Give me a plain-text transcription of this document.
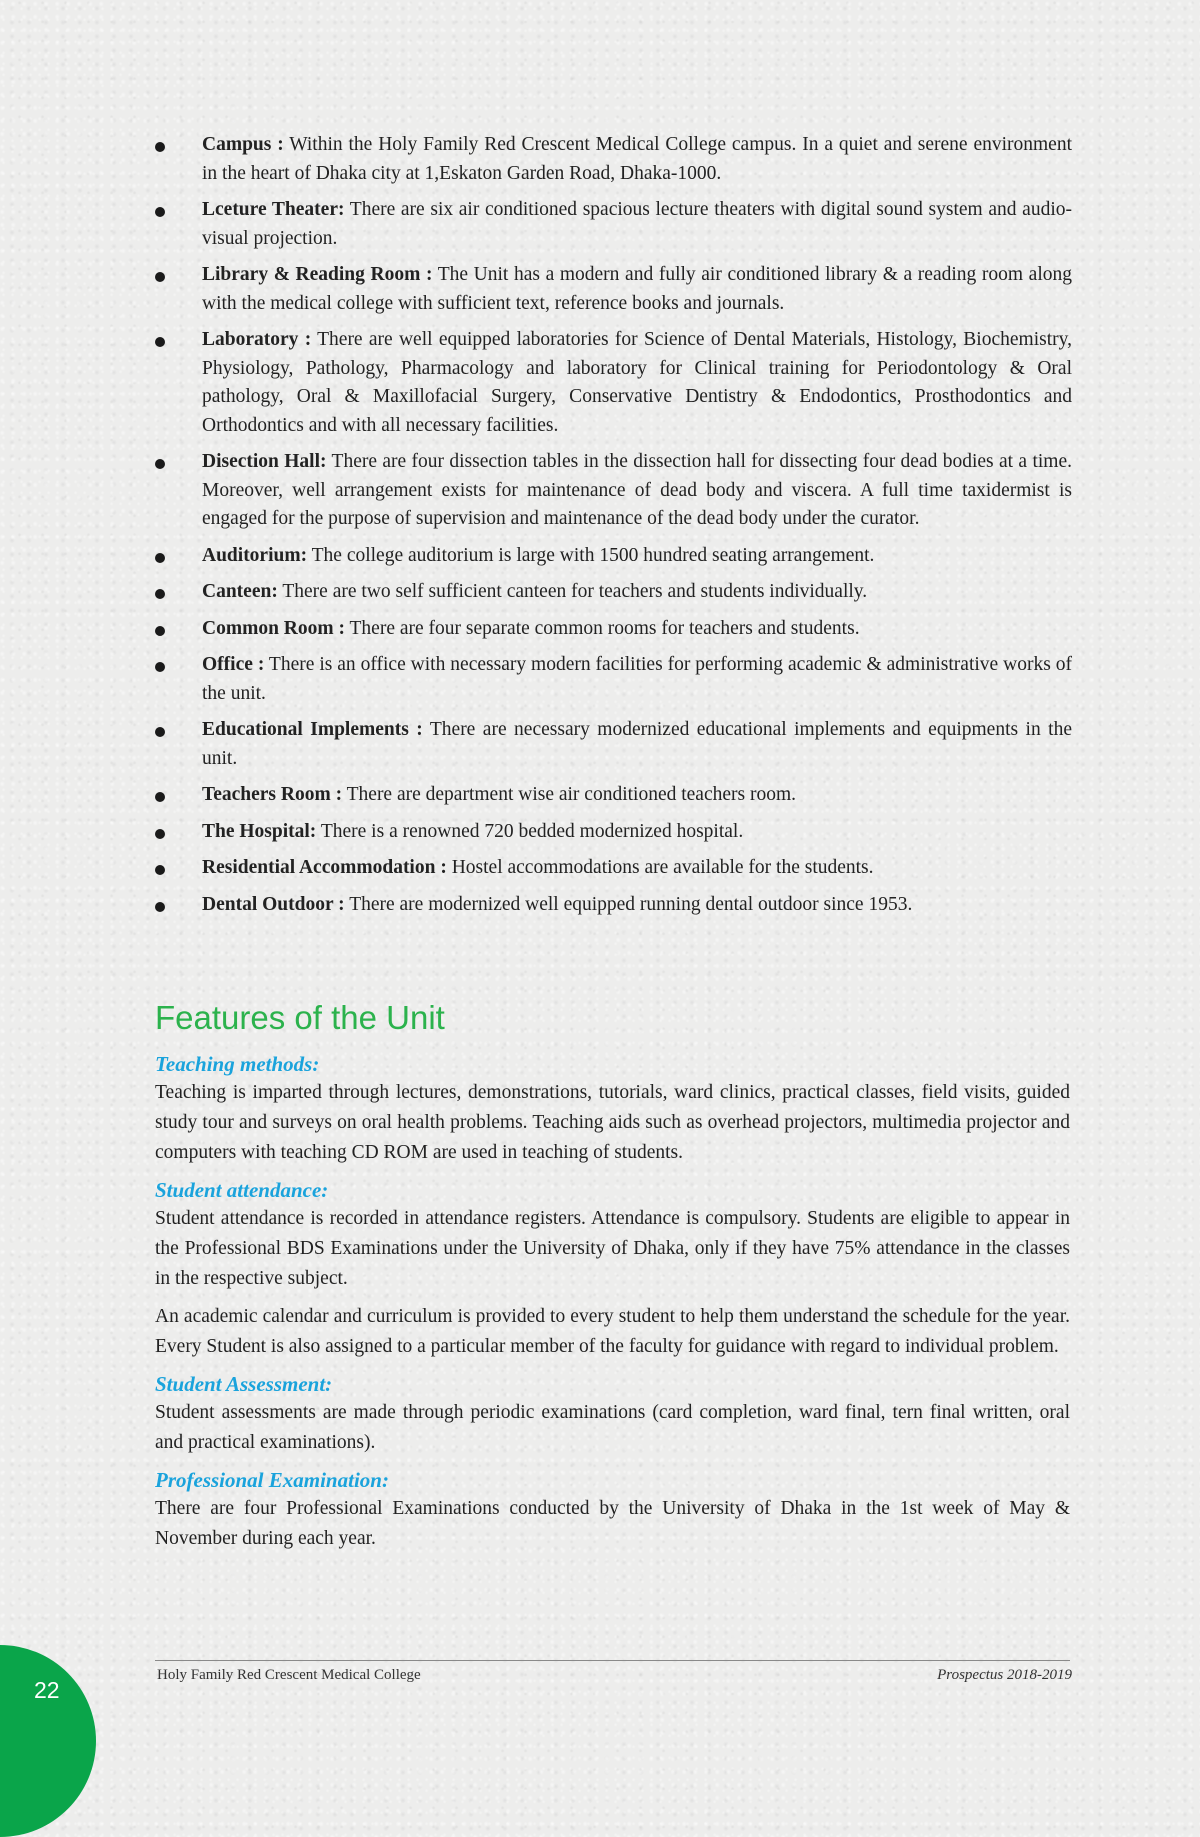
Campus : Within the Holy Family Red Crescent Medical College campus. In a quiet and serene environment in the heart of Dhaka city at 1,Eskaton Garden Road, Dhaka-1000.
Lceture Theater: There are six air conditioned spacious lecture theaters with digital sound system and audio-visual projection.
Library & Reading Room : The Unit has a modern and fully air conditioned library & a reading room along with the medical college with sufficient text, reference books and journals.
Laboratory : There are well equipped laboratories for Science of Dental Materials, Histology, Biochemistry, Physiology, Pathology, Pharmacology and laboratory for Clinical training for Periodontology & Oral pathology, Oral & Maxillofacial Surgery, Conservative Dentistry & Endodontics, Prosthodontics and Orthodontics and with all necessary facilities.
Disection Hall: There are four dissection tables in the dissection hall for dissecting four dead bodies at a time. Moreover, well arrangement exists for maintenance of dead body and viscera. A full time taxidermist is engaged for the purpose of supervision and maintenance of the dead body under the curator.
Auditorium: The college auditorium is large with 1500 hundred seating arrangement.
Canteen: There are two self sufficient canteen for teachers and students individually.
Common Room : There are four separate common rooms for teachers and students.
Office : There is an office with necessary modern facilities for performing academic & administrative works of the unit.
Educational Implements : There are necessary modernized educational implements and equipments in the unit.
Teachers Room : There are department wise air conditioned teachers room.
The Hospital: There is a renowned 720 bedded modernized hospital.
Residential Accommodation : Hostel accommodations are available for the students.
Dental Outdoor : There are modernized well equipped running dental outdoor since 1953.
Features of the Unit
Teaching methods:

Teaching is imparted through lectures, demonstrations, tutorials, ward clinics, practical classes, field visits, guided study tour and surveys on oral health problems. Teaching aids such as overhead projectors, multimedia projector and computers with teaching CD ROM are used in teaching of students.

Student attendance:

Student attendance is recorded in attendance registers. Attendance is compulsory. Students are eligible to appear in the Professional BDS Examinations under the University of Dhaka, only if they have 75% attendance in the classes in the respective subject.

An academic calendar and curriculum is provided to every student to help them understand the schedule for the year. Every Student is also assigned to a particular member of the faculty for guidance with regard to individual problem.

Student Assessment:

Student assessments are made through periodic examinations (card completion, ward final, tern final written, oral and practical examinations).

Professional Examination:

There are four Professional Examinations conducted by the University of Dhaka in the 1st week of May & November during each year.

Holy Family Red Crescent Medical College	Prospectus 2018-2019
22
